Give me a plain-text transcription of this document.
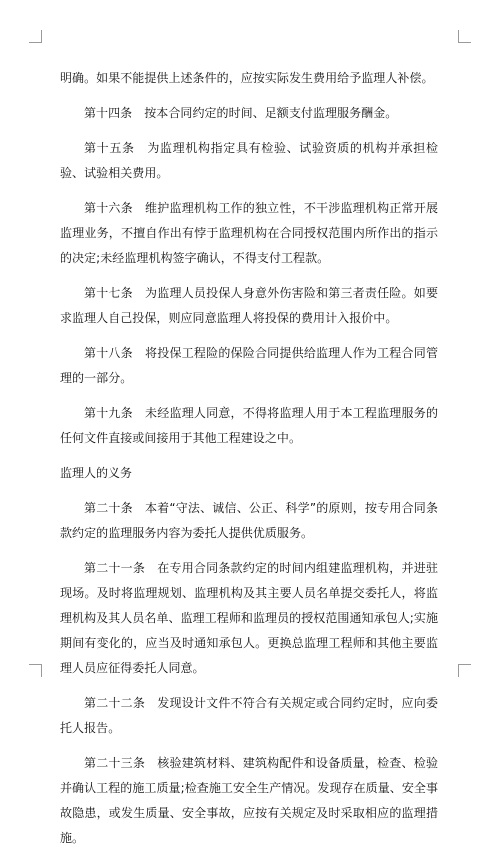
明确。如果不能提供上述条件的，应按实际发生费用给予监理人补偿。

第十四条　按本合同约定的时间、足额支付监理服务酬金。

第十五条　为监理机构指定具有检验、试验资质的机构并承担检验、试验相关费用。

第十六条　维护监理机构工作的独立性，不干涉监理机构正常开展监理业务，不擅自作出有悖于监理机构在合同授权范围内所作出的指示的决定;未经监理机构签字确认，不得支付工程款。

第十七条　为监理人员投保人身意外伤害险和第三者责任险。如要求监理人自己投保，则应同意监理人将投保的费用计入报价中。

第十八条　将投保工程险的保险合同提供给监理人作为工程合同管理的一部分。

第十九条　未经监理人同意，不得将监理人用于本工程监理服务的任何文件直接或间接用于其他工程建设之中。

监理人的义务

第二十条　本着“守法、诚信、公正、科学”的原则，按专用合同条款约定的监理服务内容为委托人提供优质服务。

第二十一条　在专用合同条款约定的时间内组建监理机构，并进驻现场。及时将监理规划、监理机构及其主要人员名单提交委托人，将监理机构及其人员名单、监理工程师和监理员的授权范围通知承包人;实施期间有变化的，应当及时通知承包人。更换总监理工程师和其他主要监理人员应征得委托人同意。

第二十二条　发现设计文件不符合有关规定或合同约定时，应向委托人报告。

第二十三条　核验建筑材料、建筑构配件和设备质量，检查、检验并确认工程的施工质量;检查施工安全生产情况。发现存在质量、安全事故隐患，或发生质量、安全事故，应按有关规定及时采取相应的监理措施。
